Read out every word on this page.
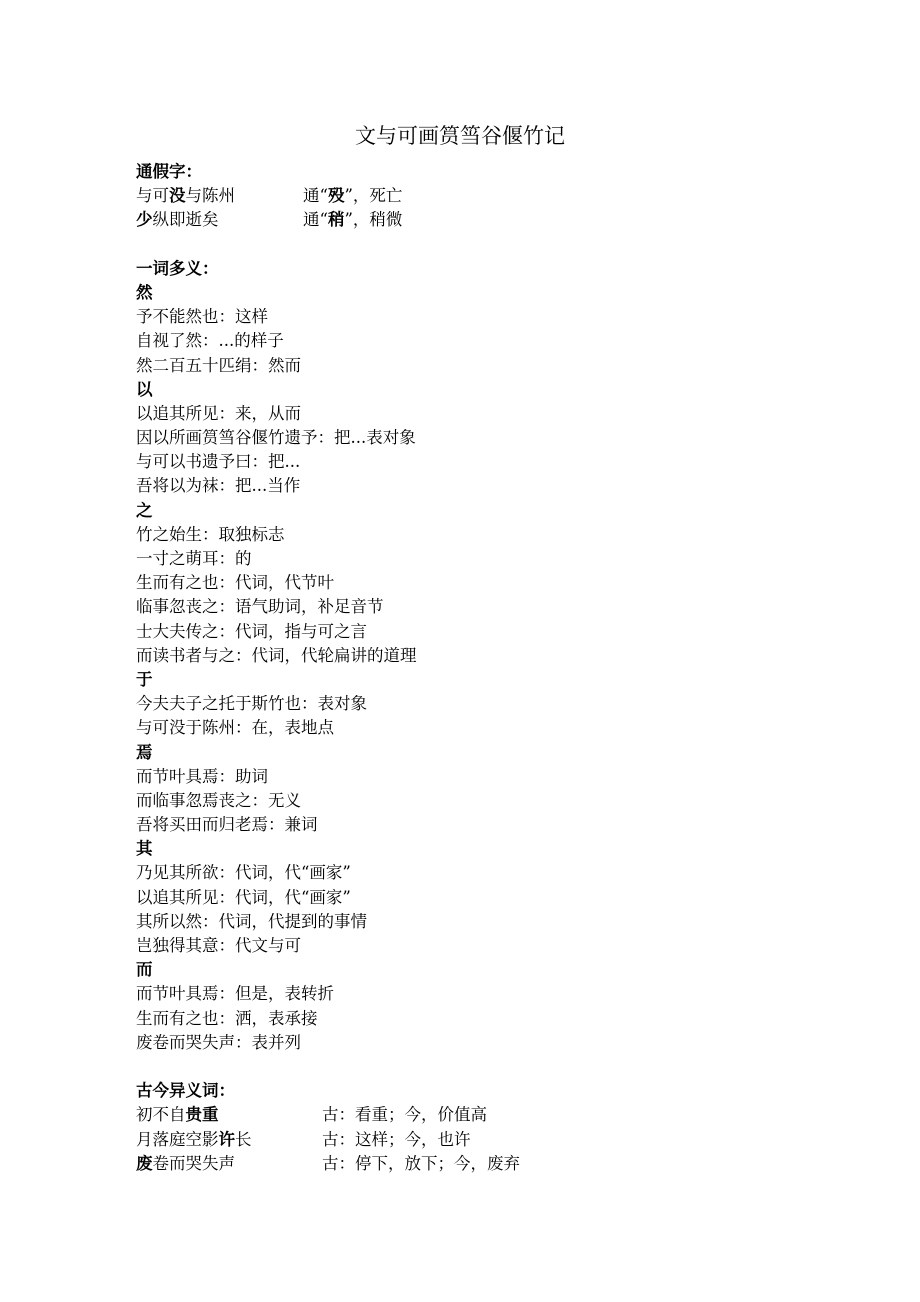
文与可画筼筜谷偃竹记
通假字：
与可没与陈州	通“殁”，死亡
少纵即逝矣	通“稍”，稍微
一词多义：
然
予不能然也：这样
自视了然：...的样子
然二百五十匹绢：然而
以
以追其所见：来，从而
因以所画筼筜谷偃竹遗予：把...表对象
与可以书遗予曰：把...
吾将以为袜：把...当作
之
竹之始生：取独标志
一寸之萌耳：的
生而有之也：代词，代节叶
临事忽丧之：语气助词，补足音节
士大夫传之：代词，指与可之言
而读书者与之：代词，代轮扁讲的道理
于
今夫夫子之托于斯竹也：表对象
与可没于陈州：在，表地点
焉
而节叶具焉：助词
而临事忽焉丧之：无义
吾将买田而归老焉：兼词
其
乃见其所欲：代词，代“画家”
以追其所见：代词，代“画家”
其所以然：代词，代提到的事情
岂独得其意：代文与可
而
而节叶具焉：但是，表转折
生而有之也：洒，表承接
废卷而哭失声：表并列
古今异义词：
初不自贵重	古：看重；今，价值高
月落庭空影许长	古：这样；今，也许
废卷而哭失声	古：停下，放下；今，废弃
